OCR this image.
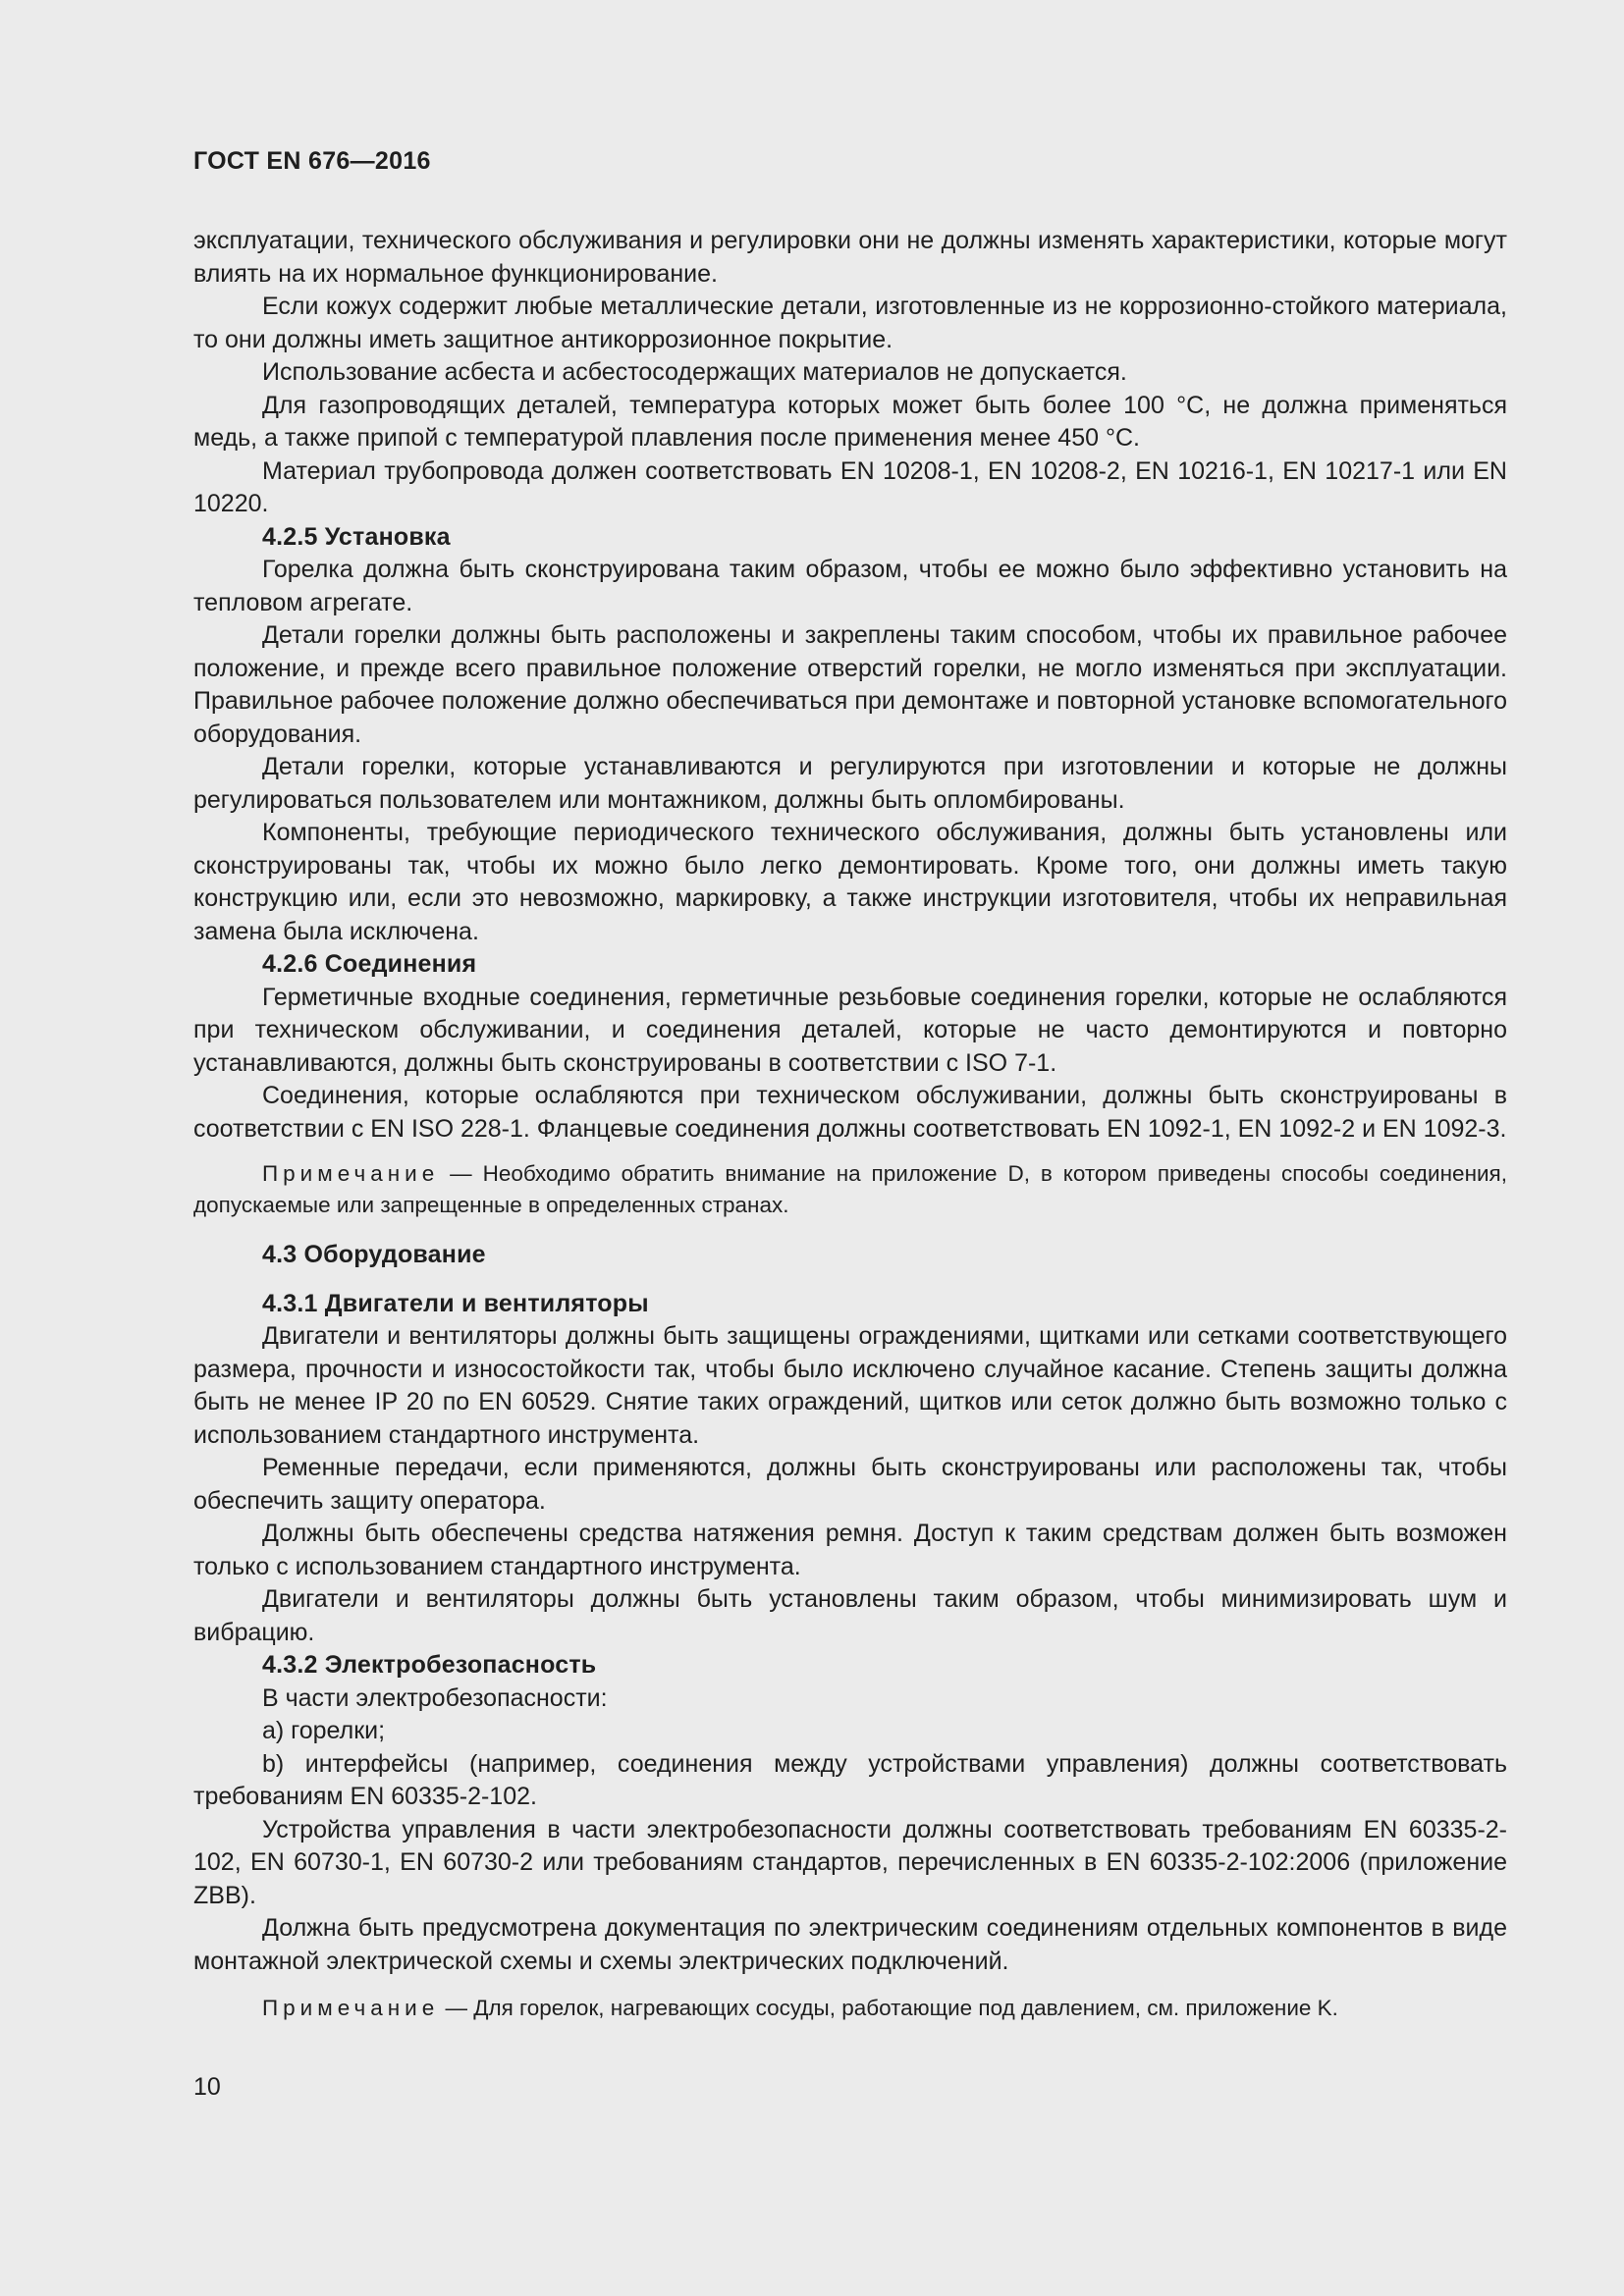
ГОСТ EN 676—2016

эксплуатации, технического обслуживания и регулировки они не должны изменять характеристики, которые могут влиять на их нормальное функционирование.

Если кожух содержит любые металлические детали, изготовленные из не коррозионно-стойкого материала, то они должны иметь защитное антикоррозионное покрытие.

Использование асбеста и асбестосодержащих материалов не допускается.

Для газопроводящих деталей, температура которых может быть более 100 °C, не должна применяться медь, а также припой с температурой плавления после применения менее 450 °C.

Материал трубопровода должен соответствовать EN 10208-1, EN 10208-2, EN 10216-1, EN 10217-1 или EN 10220.

4.2.5 Установка

Горелка должна быть сконструирована таким образом, чтобы ее можно было эффективно установить на тепловом агрегате.

Детали горелки должны быть расположены и закреплены таким способом, чтобы их правильное рабочее положение, и прежде всего правильное положение отверстий горелки, не могло изменяться при эксплуатации. Правильное рабочее положение должно обеспечиваться при демонтаже и повторной установке вспомогательного оборудования.

Детали горелки, которые устанавливаются и регулируются при изготовлении и которые не должны регулироваться пользователем или монтажником, должны быть опломбированы.

Компоненты, требующие периодического технического обслуживания, должны быть установлены или сконструированы так, чтобы их можно было легко демонтировать. Кроме того, они должны иметь такую конструкцию или, если это невозможно, маркировку, а также инструкции изготовителя, чтобы их неправильная замена была исключена.

4.2.6 Соединения

Герметичные входные соединения, герметичные резьбовые соединения горелки, которые не ослабляются при техническом обслуживании, и соединения деталей, которые не часто демонтируются и повторно устанавливаются, должны быть сконструированы в соответствии с ISO 7-1.

Соединения, которые ослабляются при техническом обслуживании, должны быть сконструированы в соответствии с EN ISO 228-1. Фланцевые соединения должны соответствовать EN 1092-1, EN 1092-2 и EN 1092-3.

Примечание — Необходимо обратить внимание на приложение D, в котором приведены способы соединения, допускаемые или запрещенные в определенных странах.

4.3 Оборудование

4.3.1 Двигатели и вентиляторы

Двигатели и вентиляторы должны быть защищены ограждениями, щитками или сетками соответствующего размера, прочности и износостойкости так, чтобы было исключено случайное касание. Степень защиты должна быть не менее IP 20 по EN 60529. Снятие таких ограждений, щитков или сеток должно быть возможно только с использованием стандартного инструмента.

Ременные передачи, если применяются, должны быть сконструированы или расположены так, чтобы обеспечить защиту оператора.

Должны быть обеспечены средства натяжения ремня. Доступ к таким средствам должен быть возможен только с использованием стандартного инструмента.

Двигатели и вентиляторы должны быть установлены таким образом, чтобы минимизировать шум и вибрацию.

4.3.2 Электробезопасность

В части электробезопасности:

a) горелки;

b) интерфейсы (например, соединения между устройствами управления) должны соответствовать требованиям EN 60335-2-102.

Устройства управления в части электробезопасности должны соответствовать требованиям EN 60335-2-102, EN 60730-1, EN 60730-2 или требованиям стандартов, перечисленных в EN 60335-2-102:2006 (приложение ZBB).

Должна быть предусмотрена документация по электрическим соединениям отдельных компонентов в виде монтажной электрической схемы и схемы электрических подключений.

Примечание — Для горелок, нагревающих сосуды, работающие под давлением, см. приложение K.

10
